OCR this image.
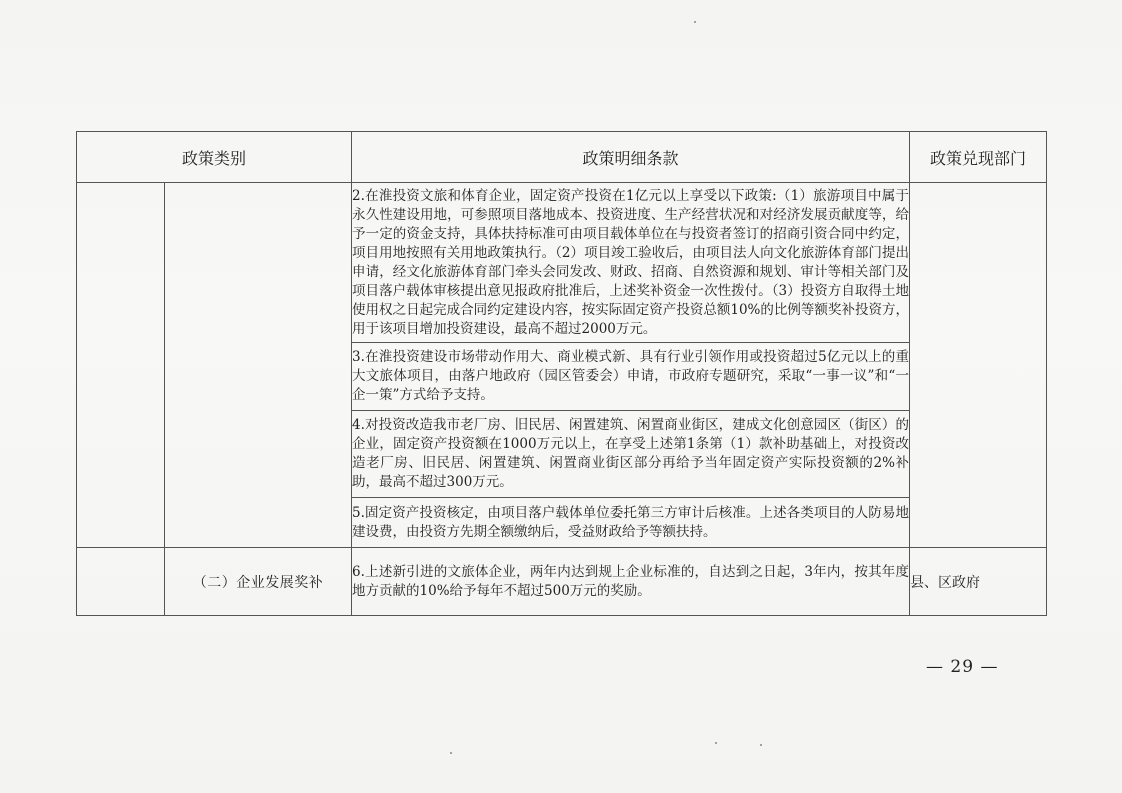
政策类别		政策明细条款	政策兑现部门
		2.在淮投资文旅和体育企业，固定资产投资在1亿元以上享受以下政策:（1）旅游项目中属于永久性建设用地，可参照项目落地成本、投资进度、生产经营状况和对经济发展贡献度等，给予一定的资金支持，具体扶持标准可由项目载体单位在与投资者签订的招商引资合同中约定，项目用地按照有关用地政策执行。（2）项目竣工验收后，由项目法人向文化旅游体育部门提出申请，经文化旅游体育部门牵头会同发改、财政、招商、自然资源和规划、审计等相关部门及项目落户载体审核提出意见报政府批准后，上述奖补资金一次性拨付。（3）投资方自取得土地使用权之日起完成合同约定建设内容，按实际固定资产投资总额10%的比例等额奖补投资方，用于该项目增加投资建设，最高不超过2000万元。	
		3.在淮投资建设市场带动作用大、商业模式新、具有行业引领作用或投资超过5亿元以上的重大文旅体项目，由落户地政府（园区管委会）申请，市政府专题研究，采取“一事一议”和“一企一策”方式给予支持。	
		4.对投资改造我市老厂房、旧民居、闲置建筑、闲置商业街区，建成文化创意园区（街区）的企业，固定资产投资额在1000万元以上，在享受上述第1条第（1）款补助基础上，对投资改造老厂房、旧民居、闲置建筑、闲置商业街区部分再给予当年固定资产实际投资额的2%补助，最高不超过300万元。	
		5.固定资产投资核定，由项目落户载体单位委托第三方审计后核准。上述各类项目的人防易地建设费，由投资方先期全额缴纳后，受益财政给予等额扶持。	
	（二）企业发展奖补	6.上述新引进的文旅体企业，两年内达到规上企业标准的，自达到之日起，3年内，按其年度地方贡献的10%给予每年不超过500万元的奖励。	县、区政府
— 29 —
